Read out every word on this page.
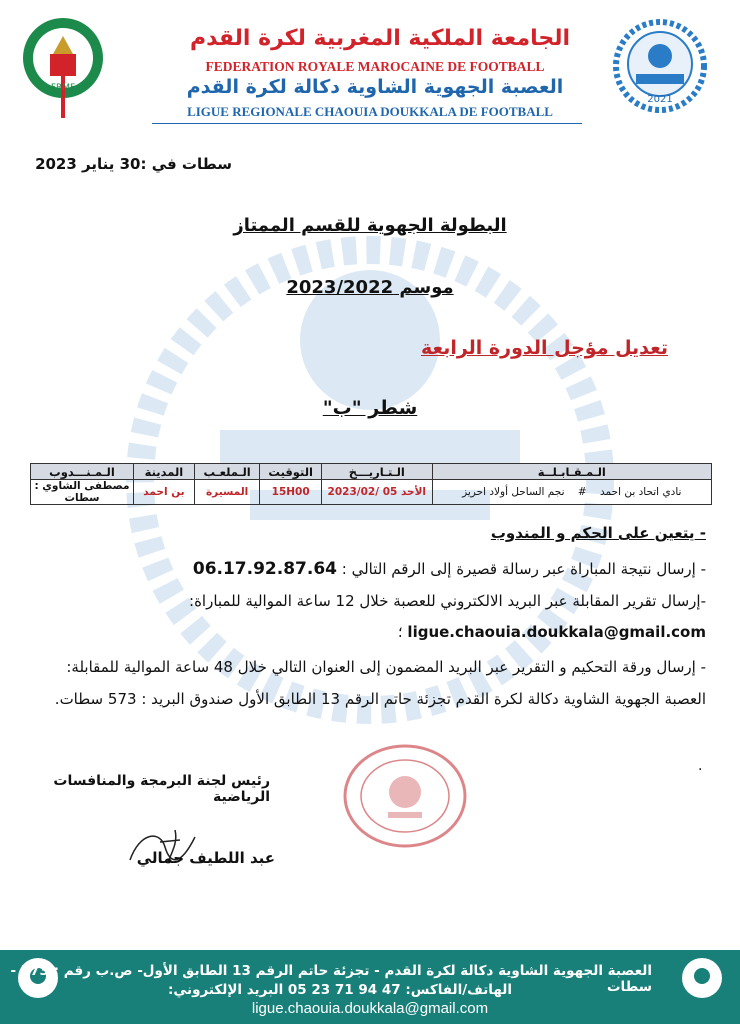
FRMF
2021
الجامعة الملكية المغربية لكرة القدم
FEDERATION ROYALE MAROCAINE DE FOOTBALL
العصبة الجهوية الشاوية دكالة لكرة القدم
LIGUE REGIONALE CHAOUIA DOUKKALA DE FOOTBALL
سطات في :30 يناير 2023
البطولة الجهوية للقسم الممتاز
موسم 2023/2022
تعديل مؤجل الدورة الرابعة
شطر "ب"
الـمـقـابـلــة	الـتـاريـــخ	التوقيت	الـملعـب	المدينة	الـمـنـــدوب
نادي اتحاد بن احمد    #    نجم الساحل أولاد احريز	الأحد 2023/02/ 05	15H00	المسيرة	بن احمد	مصطفى الشاوي : سطات
- يتعين على الحكم و المندوب
- إرسال نتيجة المباراة عبر رسالة قصيرة إلى الرقم التالي : 06.17.92.87.64
-إرسال تقرير المقابلة عبر البريد الالكتروني للعصبة خلال 12 ساعة الموالية للمباراة:
ligue.chaouia.doukkala@gmail.com ؛
- إرسال ورقة التحكيم و التقرير عبر البريد المضمون إلى العنوان التالي خلال 48 ساعة الموالية للمقابلة:
العصبة الجهوية الشاوية دكالة لكرة القدم تجزئة حاتم الرقم 13 الطابق الأول صندوق البريد : 573 سطات.
.
رئيس لجنة البرمجة والمنافسات الرياضية
عبد اللطيف جمالي
العصبة الجهوية الشاوية دكالة لكرة القدم - تجزئة حاتم الرقم 13 الطابق الأول- ص.ب رقم : 573 - سطات
الهاتف/الفاكس: 47 94 71 23 05 البريد الإلكتروني:
ligue.chaouia.doukkala@gmail.com
